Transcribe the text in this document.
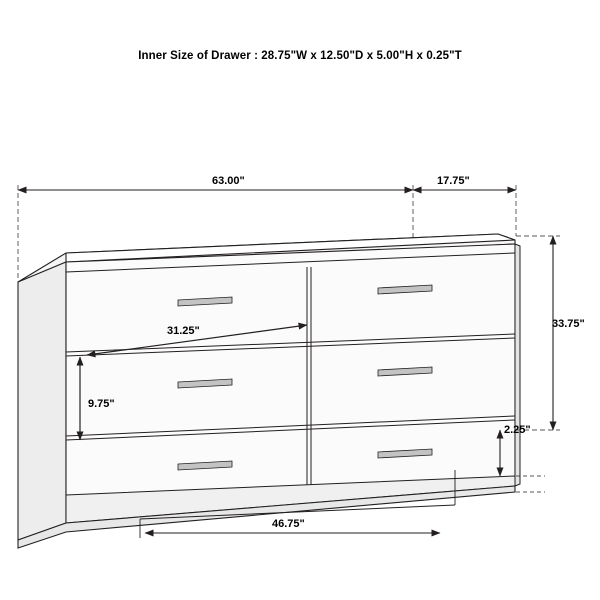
Inner Size of Drawer : 28.75"W x 12.50"D x 5.00"H x 0.25"T
63.00"	17.75"
33.75"
2.25"
31.25"
9.75"
46.75"
